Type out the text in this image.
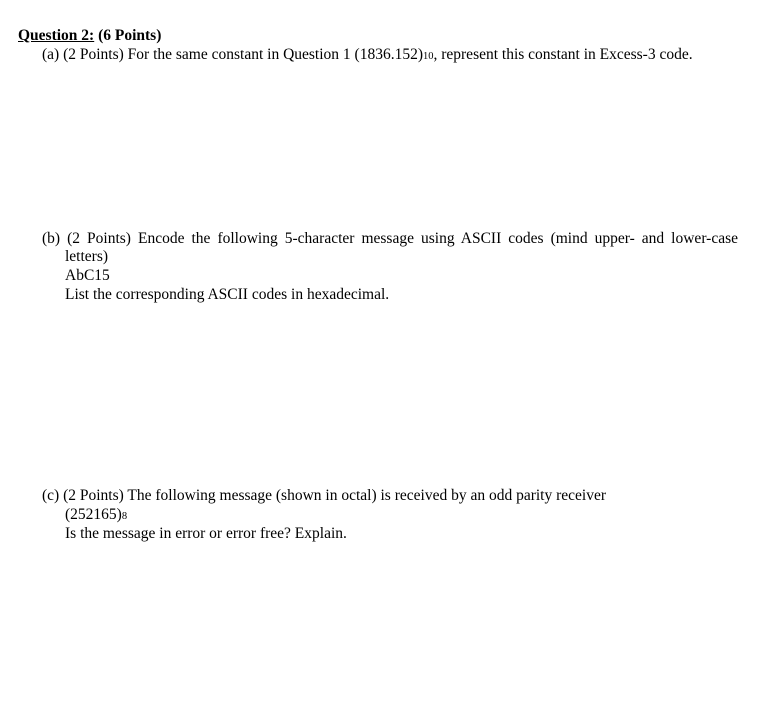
Question 2: (6 Points)
(a) (2 Points) For the same constant in Question 1 (1836.152)10, represent this constant in Excess-3 code.
(b) (2 Points) Encode the following 5-character message using ASCII codes (mind upper- and lower-case
letters)
AbC15
List the corresponding ASCII codes in hexadecimal.
(c) (2 Points) The following message (shown in octal) is received by an odd parity receiver
(252165)8
Is the message in error or error free? Explain.
